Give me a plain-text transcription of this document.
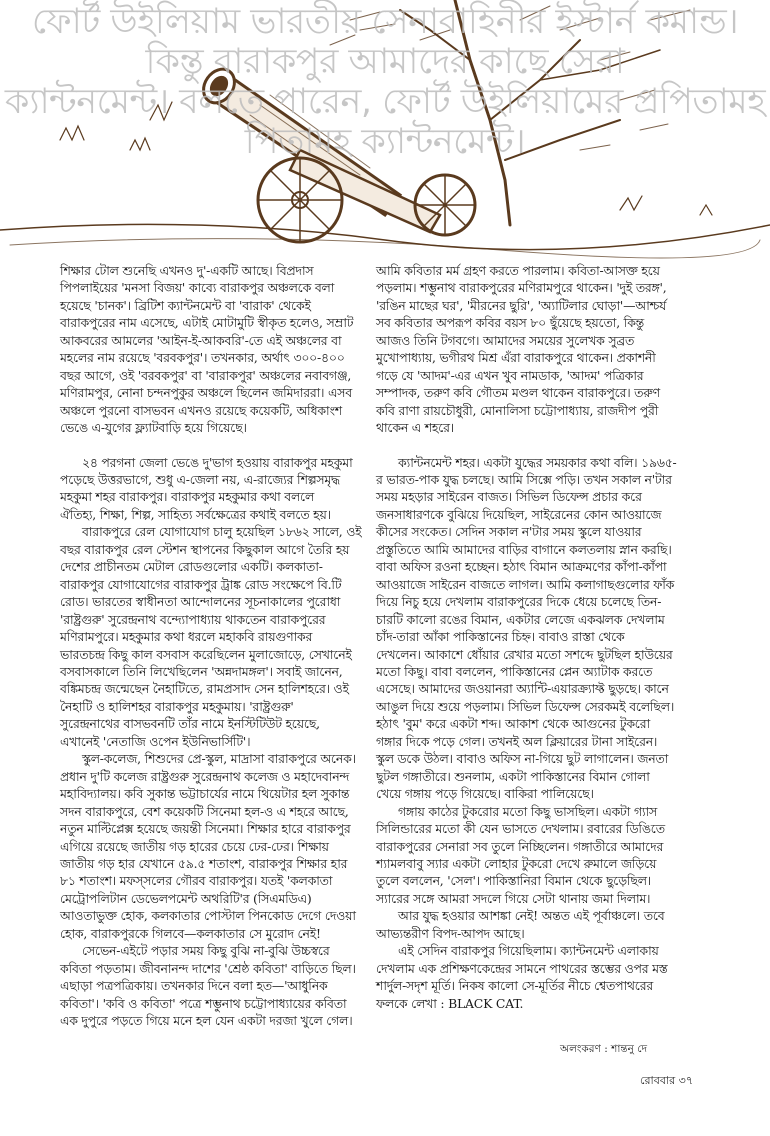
ফোর্ট উইলিয়াম ভারতীয় সেনাবাহিনীর ইস্টার্ন কমান্ড।
কিন্তু বারাকপুর আমাদের কাছে সেরা
ক্যান্টনমেন্ট। বলতে পারেন, ফোর্ট উইলিয়ামের প্রপিতামহ
পিতামহ ক্যান্টনমেন্ট।

শিক্ষার টোল শুনেছি এখনও দু'-একটি আছে। বিপ্রদাস
পিপলাইয়ের 'মনসা বিজয়' কাব্যে বারাকপুর অঞ্চলকে বলা
হয়েছে 'চানক'। ব্রিটিশ ক্যান্টনমেন্ট বা 'বারাক' থেকেই
বারাকপুরের নাম এসেছে, এটাই মোটামুটি স্বীকৃত হলেও, সম্রাট
আকবরের আমলের 'আইন-ই-আকবরি'-তে এই অঞ্চলের বা
মহলের নাম রয়েছে 'বরবকপুর'। তখনকার, অর্থাৎ ৩০০-৪০০
বছর আগে, ওই 'বরবকপুর' বা 'বারাকপুর' অঞ্চলের নবাবগঞ্জ,
মণিরামপুর, নোনা চন্দনপুকুর অঞ্চলে ছিলেন জমিদাররা। এসব
অঞ্চলে পুরনো বাসভবন এখনও রয়েছে কয়েকটি, অধিকাংশ
ভেঙে এ-যুগের ফ্ল্যাটবাড়ি হয়ে গিয়েছে।

২৪ পরগনা জেলা ভেঙে দু'ভাগ হওয়ায় বারাকপুর মহকুমা
পড়েছে উত্তরভাগে, শুধু এ-জেলা নয়, এ-রাজ্যের শিল্পসমৃদ্ধ
মহকুমা শহর বারাকপুর। বারাকপুর মহকুমার কথা বললে
ঐতিহ্য, শিক্ষা, শিল্প, সাহিত্য সর্বক্ষেত্রের কথাই বলতে হয়।

বারাকপুরে রেল যোগাযোগ চালু হয়েছিল ১৮৬২ সালে, ওই
বছর বারাকপুর রেল স্টেশন স্থাপনের কিছুকাল আগে তৈরি হয়
দেশের প্রাচীনতম মেটাল রোডগুলোর একটি। কলকাতা-
বারাকপুর যোগাযোগের বারাকপুর ট্রাঙ্ক রোড সংক্ষেপে বি.টি
রোড। ভারতের স্বাধীনতা আন্দোলনের সূচনাকালের পুরোধা
'রাষ্ট্রগুরু' সুরেন্দ্রনাথ বন্দ্যোপাধ্যায় থাকতেন বারাকপুরের
মণিরামপুরে। মহকুমার কথা ধরলে মহাকবি রায়গুণাকর
ভারতচন্দ্র কিছু কাল বসবাস করেছিলেন মুলাজোড়ে, সেখানেই
বসবাসকালে তিনি লিখেছিলেন 'অন্নদামঙ্গল'। সবাই জানেন,
বঙ্কিমচন্দ্র জন্মেছেন নৈহাটিতে, রামপ্রসাদ সেন হালিশহরে। ওই
নৈহাটি ও হালিশহর বারাকপুর মহকুমায়। 'রাষ্ট্রগুরু'
সুরেন্দ্রনাথের বাসভবনটি তাঁর নামে ইনস্টিটিউট হয়েছে,
এখানেই 'নেতাজি ওপেন ইউনিভার্সিটি'।

স্কুল-কলেজ, শিশুদের প্রে-স্কুল, মাদ্রাসা বারাকপুরে অনেক।
প্রধান দু'টি কলেজ রাষ্ট্রগুরু সুরেন্দ্রনাথ কলেজ ও মহাদেবানন্দ
মহাবিদ্যালয়। কবি সুকান্ত ভট্টাচার্যের নামে থিয়েটার হল সুকান্ত
সদন বারাকপুরে, বেশ কয়েকটি সিনেমা হল-ও এ শহরে আছে,
নতুন মাল্টিপ্লেক্স হয়েছে জয়ন্তী সিনেমা। শিক্ষার হারে বারাকপুর
এগিয়ে রয়েছে জাতীয় গড় হারের চেয়ে ঢের-ঢের। শিক্ষায়
জাতীয় গড় হার যেখানে ৫৯.৫ শতাংশ, বারাকপুর শিক্ষার হার
৮১ শতাংশ। মফস্সলের গৌরব বারাকপুর। যতই 'কলকাতা
মেট্রোপলিটান ডেভেলপমেন্ট অথরিটি'র (সিএমডিএ)
আওতাভুক্ত হোক, কলকাতার পোস্টাল পিনকোড দেগে দেওয়া
হোক, বারাকপুরকে গিলবে—কলকাতার সে মুরোদ নেই!

সেভেন-এইটে পড়ার সময় কিছু বুঝি না-বুঝি উচ্চস্বরে
কবিতা পড়তাম। জীবনানন্দ দাশের 'শ্রেষ্ঠ কবিতা' বাড়িতে ছিল।
এছাড়া পত্রপত্রিকায়। তখনকার দিনে বলা হত—'আধুনিক
কবিতা'। 'কবি ও কবিতা' পত্রে শম্ভুনাথ চট্টোপাধ্যায়ের কবিতা
এক দুপুরে পড়তে গিয়ে মনে হল যেন একটা দরজা খুলে গেল।

আমি কবিতার মর্ম গ্রহণ করতে পারলাম। কবিতা-আসক্ত হয়ে
পড়লাম। শম্ভুনাথ বারাকপুরের মণিরামপুরে থাকেন। 'দুই তরঙ্গ',
'রঙিন মাছের ঘর', 'মীরনের ছুরি', 'অ্যাটিলার ঘোড়া'—আশ্চর্য
সব কবিতার অপরূপ কবির বয়স ৮০ ছুঁয়েছে হয়তো, কিন্তু
আজও তিনি টগবগে। আমাদের সময়ের সুলেখক সুব্রত
মুখোপাধ্যায়, ভগীরথ মিশ্র এঁরা বারাকপুরে থাকেন। প্রকাশনী
গড়ে যে 'আদম'-এর এখন খুব নামডাক, 'আদম' পত্রিকার
সম্পাদক, তরুণ কবি গৌতম মণ্ডল থাকেন বারাকপুরে। তরুণ
কবি রাণা রায়চৌধুরী, মোনালিসা চট্টোপাধ্যায়, রাজদীপ পুরী
থাকেন এ শহরে।

ক্যান্টনমেন্ট শহর। একটা যুদ্ধের সময়কার কথা বলি। ১৯৬৫-
র ভারত-পাক যুদ্ধ চলছে। আমি সিক্সে পড়ি। তখন সকাল ন'টার
সময় মহড়ার সাইরেন বাজত। সিভিল ডিফেন্স প্রচার করে
জনসাধারণকে বুঝিয়ে দিয়েছিল, সাইরেনের কোন আওয়াজে
কীসের সংকেত। সেদিন সকাল ন'টার সময় স্কুলে যাওয়ার
প্রস্তুতিতে আমি আমাদের বাড়ির বাগানে কলতলায় স্নান করছি।
বাবা অফিস রওনা হচ্ছেন। হঠাৎ বিমান আক্রমণের কাঁপা-কাঁপা
আওয়াজে সাইরেন বাজতে লাগল। আমি কলাগাছগুলোর ফাঁক
দিয়ে নিচু হয়ে দেখলাম বারাকপুরের দিকে ধেয়ে চলেছে তিন-
চারটি কালো রঙের বিমান, একটার লেজে একঝলক দেখলাম
চাঁদ-তারা আঁকা পাকিস্তানের চিহ্ন। বাবাও রাস্তা থেকে
দেখলেন। আকাশে ধোঁয়ার রেখার মতো সশব্দে ছুটছিল হাউয়ের
মতো কিছু। বাবা বললেন, পাকিস্তানের প্লেন অ্যাটাক করতে
এসেছে। আমাদের জওয়ানরা অ্যান্টি-এয়ারক্র্যাফ্ট ছুড়ছে। কানে
আঙুল দিয়ে শুয়ে পড়লাম। সিভিল ডিফেন্স সেরকমই বলেছিল।
হঠাৎ 'বুম' করে একটা শব্দ। আকাশ থেকে আগুনের টুকরো
গঙ্গার দিকে পড়ে গেল। তখনই অল ক্লিয়ারের টানা সাইরেন।
স্কুল ডকে উঠল। বাবাও অফিস না-গিয়ে ছুট লাগালেন। জনতা
ছুটল গঙ্গাতীরে। শুনলাম, একটা পাকিস্তানের বিমান গোলা
খেয়ে গঙ্গায় পড়ে গিয়েছে। বাকিরা পালিয়েছে।

গঙ্গায় কাঠের টুকরোর মতো কিছু ভাসছিল। একটা গ্যাস
সিলিন্ডারের মতো কী যেন ভাসতে দেখলাম। রবারের ডিঙিতে
বারাকপুরের সেনারা সব তুলে নিচ্ছিলেন। গঙ্গাতীরে আমাদের
শ্যামলবাবু স্যার একটা লোহার টুকরো দেখে রুমালে জড়িয়ে
তুলে বললেন, 'সেল'। পাকিস্তানিরা বিমান থেকে ছুড়েছিল।
স্যারের সঙ্গে আমরা সদলে গিয়ে সেটা থানায় জমা দিলাম।

আর যুদ্ধ হওয়ার আশঙ্কা নেই! অন্তত এই পূর্বাঞ্চলে। তবে
আভ্যন্তরীণ বিপদ-আপদ আছে।

এই সেদিন বারাকপুর গিয়েছিলাম। ক্যান্টনমেন্ট এলাকায়
দেখলাম এক প্রশিক্ষণকেন্দ্রের সামনে পাথরের স্তম্ভের ওপর মস্ত
শার্দুল-সদৃশ মূর্তি। নিকষ কালো সে-মূর্তির নীচে শ্বেতপাথরের
ফলকে লেখা : BLACK CAT.

অলংকরণ : শান্তনু দে
রোববার ৩৭
